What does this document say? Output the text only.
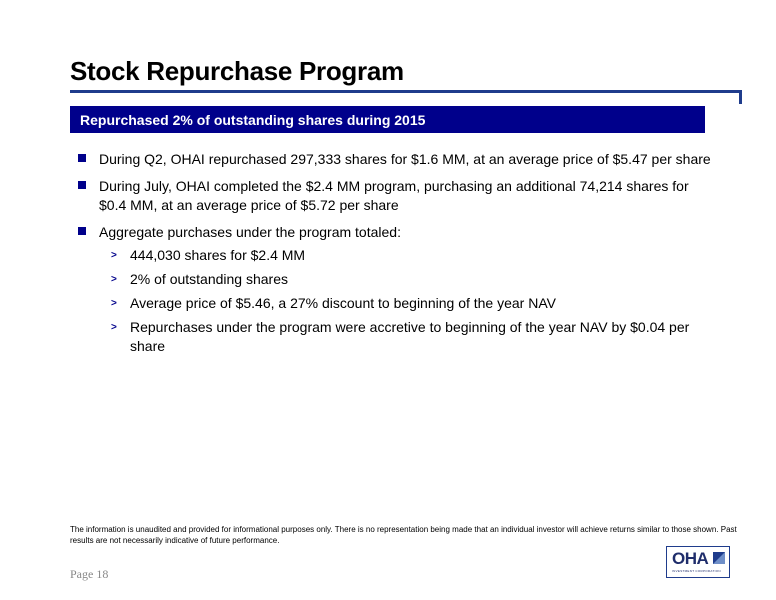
Stock Repurchase Program
Repurchased 2% of outstanding shares during 2015
During Q2, OHAI repurchased 297,333 shares for $1.6 MM, at an average price of $5.47 per share
During July, OHAI completed the $2.4 MM program, purchasing an additional 74,214 shares for $0.4 MM, at an average price of $5.72 per share
Aggregate purchases under the program totaled:
> 444,030 shares for $2.4 MM
> 2% of outstanding shares
> Average price of $5.46, a 27% discount to beginning of the year NAV
> Repurchases under the program were accretive to beginning of the year NAV by $0.04 per share
The information is unaudited and provided for informational purposes only. There is no representation being made that an individual investor will achieve returns similar to those shown. Past results are not necessarily indicative of future performance.
Page 18
OHA
INVESTMENT CORPORATION
